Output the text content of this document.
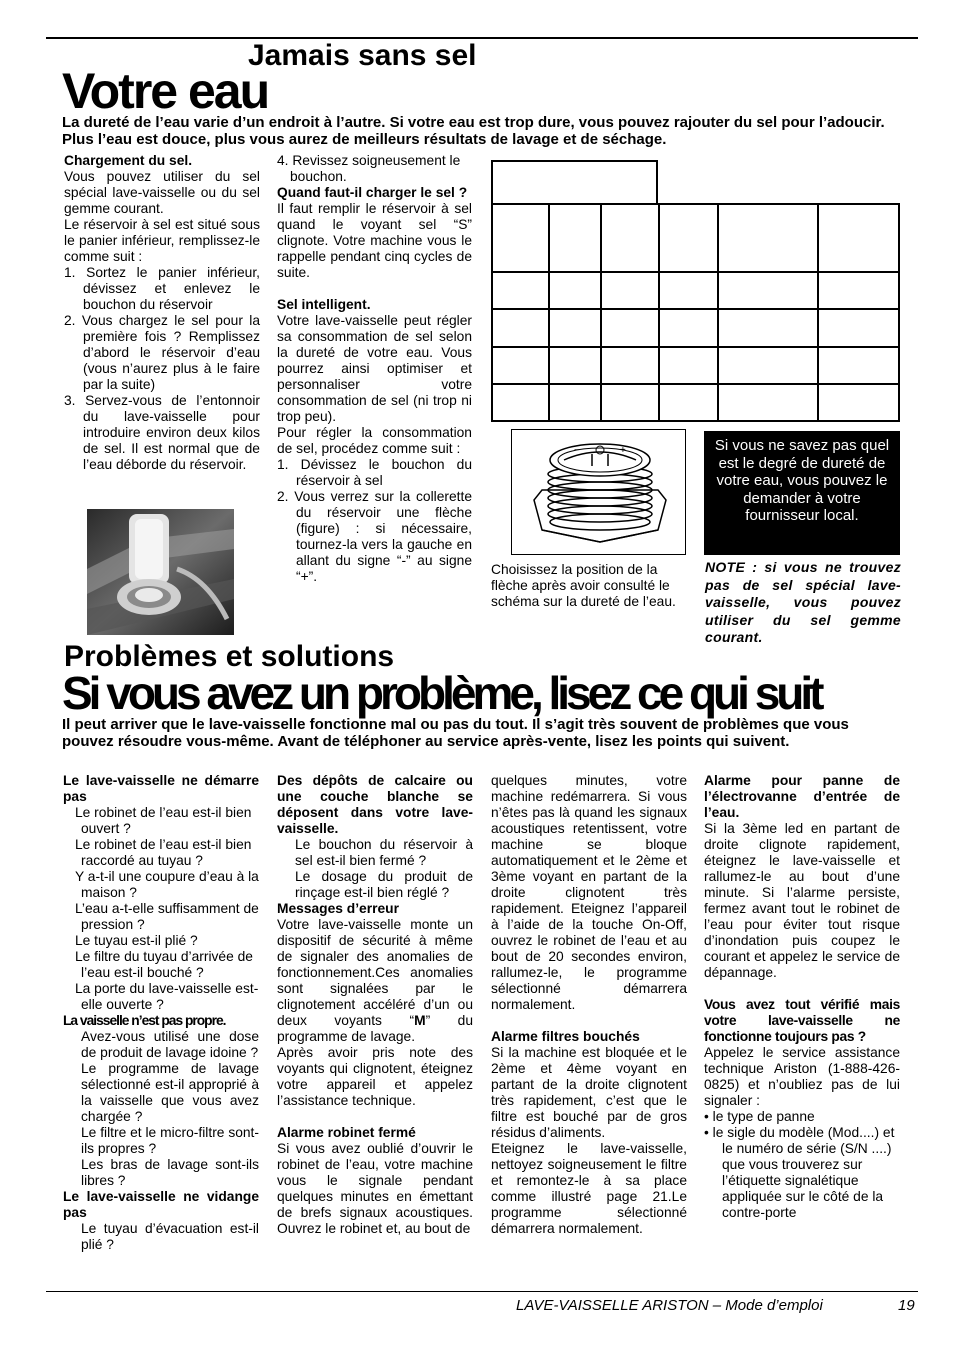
Jamais sans sel
Votre eau
La dureté de l’eau varie d’un endroit à l’autre. Si votre eau est trop dure, vous pouvez rajouter du sel pour l’adoucir. Plus l’eau est douce, plus vous aurez de meilleurs résultats de lavage et de séchage.

Chargement du sel.

Vous pouvez utiliser du sel spécial lave-vaisselle ou du sel gemme courant.

Le réservoir à sel est situé sous le panier inférieur, remplissez-le comme suit :

1. Sortez le panier inférieur, dévissez et enlevez le bouchon du réservoir

2. Vous chargez le sel pour la première fois ? Remplissez d’abord le réservoir d’eau (vous n’aurez plus à le faire par la suite)

3. Servez-vous de l’entonnoir du lave-vaisselle pour introduire environ deux kilos de sel. Il est normal que de l’eau déborde du réservoir.

4. Revissez soigneusement le bouchon.

Quand faut-il charger le sel ?

Il faut remplir le réservoir à sel quand le voyant sel “S” clignote. Votre machine vous le rappelle pendant cinq cycles de suite.

Sel intelligent.

Votre lave-vaisselle peut régler sa consommation de sel selon la dureté de votre eau. Vous pourrez ainsi optimiser et personnaliser votre consommation de sel (ni trop ni trop peu).

Pour régler la consommation de sel, procédez comme suit :

1. Dévissez le bouchon du réservoir à sel

2. Vous verrez sur la collerette du réservoir une flèche (figure) : si nécessaire, tournez-la vers la gauche en allant du signe “-” au signe “+”.

−	+
Choisissez la position de la flèche après avoir consulté le schéma sur la dureté de l’eau.
Si vous ne savez pas quel est le degré de dureté de votre eau, vous pouvez le demander à votre fournisseur local.
NOTE : si vous ne trouvez pas de sel spécial lave-vaisselle, vous pouvez utiliser du sel gemme courant.
Problèmes et solutions
Si vous avez un problème, lisez ce qui suit
Il peut arriver que le lave-vaisselle fonctionne mal ou pas du tout. Il s’agit très souvent de problèmes que vous pouvez résoudre vous-même. Avant de téléphoner au service après-vente, lisez les points qui suivent.

Le lave-vaisselle ne démarre pas

Le robinet de l’eau est-il bien ouvert ?

Le robinet de l’eau est-il bien raccordé au tuyau ?

Y a-t-il une coupure d’eau à la maison ?

L’eau a-t-elle suffisamment de pression ?

Le tuyau est-il plié ?

Le filtre du tuyau d’arrivée de l’eau est-il bouché ?

La porte du lave-vaisselle est-elle ouverte ?

La vaisselle n’est pas propre.

Avez-vous utilisé une dose de produit de lavage idoine ?

Le programme de lavage sélectionné est-il approprié à la vaisselle que vous avez chargée ?

Le filtre et le micro-filtre sont-ils propres ?

Les bras de lavage sont-ils libres ?

Le lave-vaisselle ne vidange pas

Le tuyau d’évacuation est-il plié ?

Des dépôts de calcaire ou une couche blanche se déposent dans votre lave-vaisselle.

Le bouchon du réservoir à sel est-il bien fermé ?

Le dosage du produit de rinçage est-il bien réglé ?

Messages d’erreur

Votre lave-vaisselle monte un dispositif de sécurité à même de signaler des anomalies de fonctionnement.Ces anomalies sont signalées par le clignotement accéléré d’un ou deux voyants “M” du programme de lavage.

Après avoir pris note des voyants qui clignotent, éteignez votre appareil et appelez l’assistance technique.

Alarme robinet fermé

Si vous avez oublié d’ouvrir le robinet de l’eau, votre machine vous le signale pendant quelques minutes en émettant de brefs signaux acoustiques. Ouvrez le robinet et, au bout de

quelques minutes, votre machine redémarrera. Si vous n’êtes pas là quand les signaux acoustiques retentissent, votre machine se bloque automatiquement et le 2ème et 3ème voyant en partant de la droite clignotent très rapidement. Eteignez l’appareil à l’aide de la touche On-Off, ouvrez le robinet de l’eau et au bout de 20 secondes environ, rallumez-le, le programme sélectionné démarrera normalement.

Alarme filtres bouchés

Si la machine est bloquée et le 2ème et 4ème voyant en partant de la droite clignotent très rapidement, c’est que le filtre est bouché par de gros résidus d’aliments.

Eteignez le lave-vaisselle, nettoyez soigneusement le filtre et remontez-le à sa place comme illustré page 21.Le programme sélectionné démarrera normalement.

Alarme pour panne de l’électrovanne d’entrée de l’eau.

Si la 3ème led en partant de droite clignote rapidement, éteignez le lave-vaisselle et rallumez-le au bout d’une minute. Si l’alarme persiste, fermez avant tout le robinet de l’eau pour éviter tout risque d’inondation puis coupez le courant et appelez le service de dépannage.

Vous avez tout vérifié mais votre lave-vaisselle ne fonctionne toujours pas ?

Appelez le service assistance technique Ariston (1-888-426-0825) et n’oubliez pas de lui signaler :

• le type de panne

• le sigle du modèle (Mod....) et le numéro de série (S/N ....) que vous trouverez sur l’étiquette signalétique appliquée sur le côté de la contre-porte

LAVE-VAISSELLE ARISTON – Mode d’emploi	19
